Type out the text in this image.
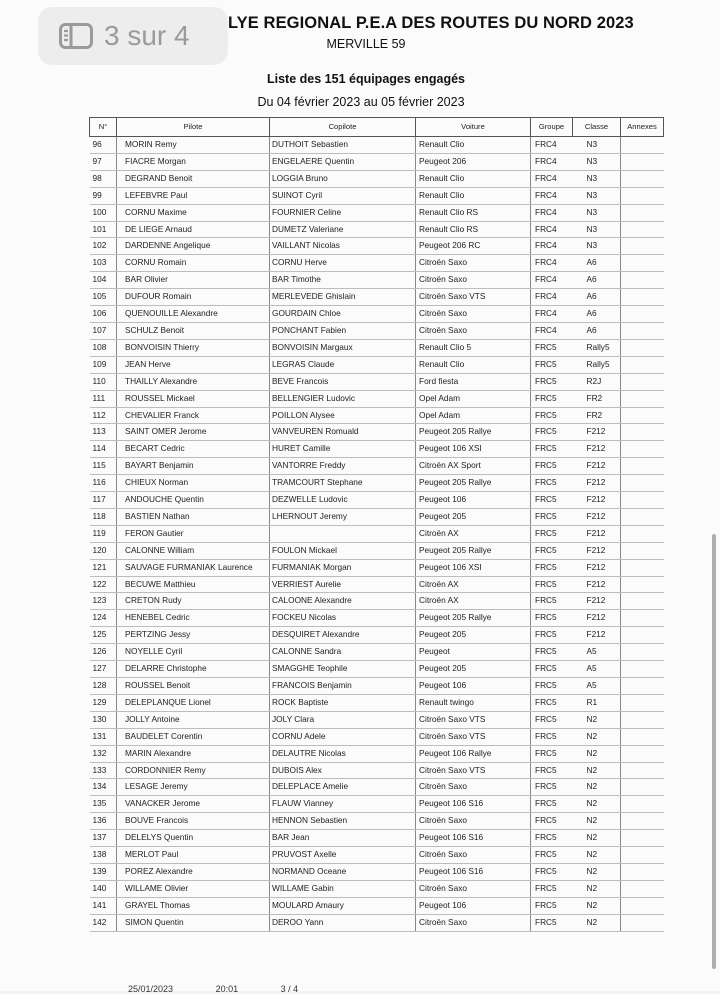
LYE REGIONAL P.E.A DES ROUTES DU NORD 2023
MERVILLE 59
Liste des 151 équipages engagés
Du 04 février 2023 au 05 février 2023
N°	Pilote	Copilote	Voiture	Groupe	Classe	Annexes
96	MORIN Remy	DUTHOIT Sebastien	Renault Clio	FRC4	N3	
97	FIACRE Morgan	ENGELAERE Quentin	Peugeot 206	FRC4	N3	
98	DEGRAND Benoit	LOGGIA Bruno	Renault Clio	FRC4	N3	
99	LEFEBVRE Paul	SUINOT Cyril	Renault Clio	FRC4	N3	
100	CORNU Maxime	FOURNIER Celine	Renault Clio RS	FRC4	N3	
101	DE LIEGE Arnaud	DUMETZ Valeriane	Renault Clio RS	FRC4	N3	
102	DARDENNE Angelique	VAILLANT Nicolas	Peugeot 206 RC	FRC4	N3	
103	CORNU Romain	CORNU Herve	Citroën Saxo	FRC4	A6	
104	BAR Olivier	BAR Timothe	Citroën Saxo	FRC4	A6	
105	DUFOUR Romain	MERLEVEDE Ghislain	Citroën Saxo VTS	FRC4	A6	
106	QUENOUILLE Alexandre	GOURDAIN Chloe	Citroën Saxo	FRC4	A6	
107	SCHULZ Benoit	PONCHANT Fabien	Citroën Saxo	FRC4	A6	
108	BONVOISIN Thierry	BONVOISIN Margaux	Renault Clio 5	FRC5	Rally5	
109	JEAN Herve	LEGRAS Claude	Renault Clio	FRC5	Rally5	
110	THAILLY Alexandre	BEVE Francois	Ford fiesta	FRC5	R2J	
111	ROUSSEL Mickael	BELLENGIER Ludovic	Opel Adam	FRC5	FR2	
112	CHEVALIER Franck	POILLON Alysee	Opel Adam	FRC5	FR2	
113	SAINT OMER Jerome	VANVEUREN Romuald	Peugeot 205 Rallye	FRC5	F212	
114	BECART Cedric	HURET Camille	Peugeot 106 XSI	FRC5	F212	
115	BAYART Benjamin	VANTORRE Freddy	Citroën AX Sport	FRC5	F212	
116	CHIEUX Norman	TRAMCOURT Stephane	Peugeot 205 Rallye	FRC5	F212	
117	ANDOUCHE Quentin	DEZWELLE Ludovic	Peugeot 106	FRC5	F212	
118	BASTIEN Nathan	LHERNOUT Jeremy	Peugeot 205	FRC5	F212	
119	FERON Gautier		Citroën AX	FRC5	F212	
120	CALONNE William	FOULON Mickael	Peugeot 205 Rallye	FRC5	F212	
121	SAUVAGE FURMANIAK Laurence	FURMANIAK Morgan	Peugeot 106 XSI	FRC5	F212	
122	BECUWE Matthieu	VERRIEST Aurelie	Citroën AX	FRC5	F212	
123	CRETON Rudy	CALOONE Alexandre	Citroën AX	FRC5	F212	
124	HENEBEL Cedric	FOCKEU Nicolas	Peugeot 205 Rallye	FRC5	F212	
125	PERTZING Jessy	DESQUIRET Alexandre	Peugeot 205	FRC5	F212	
126	NOYELLE Cyril	CALONNE Sandra	Peugeot	FRC5	A5	
127	DELARRE Christophe	SMAGGHE Teophile	Peugeot 205	FRC5	A5	
128	ROUSSEL Benoit	FRANCOIS Benjamin	Peugeot 106	FRC5	A5	
129	DELEPLANQUE Lionel	ROCK Baptiste	Renault twingo	FRC5	R1	
130	JOLLY Antoine	JOLY Clara	Citroën Saxo VTS	FRC5	N2	
131	BAUDELET Corentin	CORNU Adele	Citroën Saxo VTS	FRC5	N2	
132	MARIN Alexandre	DELAUTRE Nicolas	Peugeot 106 Rallye	FRC5	N2	
133	CORDONNIER Remy	DUBOIS Alex	Citroën Saxo VTS	FRC5	N2	
134	LESAGE Jeremy	DELEPLACE Amelie	Citroën Saxo	FRC5	N2	
135	VANACKER Jerome	FLAUW Vianney	Peugeot 106 S16	FRC5	N2	
136	BOUVE Francois	HENNON Sebastien	Citroën Saxo	FRC5	N2	
137	DELELYS Quentin	BAR Jean	Peugeot 106 S16	FRC5	N2	
138	MERLOT Paul	PRUVOST Axelle	Citroën Saxo	FRC5	N2	
139	POREZ Alexandre	NORMAND Oceane	Peugeot 106 S16	FRC5	N2	
140	WILLAME Olivier	WILLAME Gabin	Citroën Saxo	FRC5	N2	
141	GRAYEL Thomas	MOULARD Amaury	Peugeot 106	FRC5	N2	
142	SIMON Quentin	DEROO Yann	Citroën Saxo	FRC5	N2	
25/01/2023	20:01	3 / 4
3 sur 4
